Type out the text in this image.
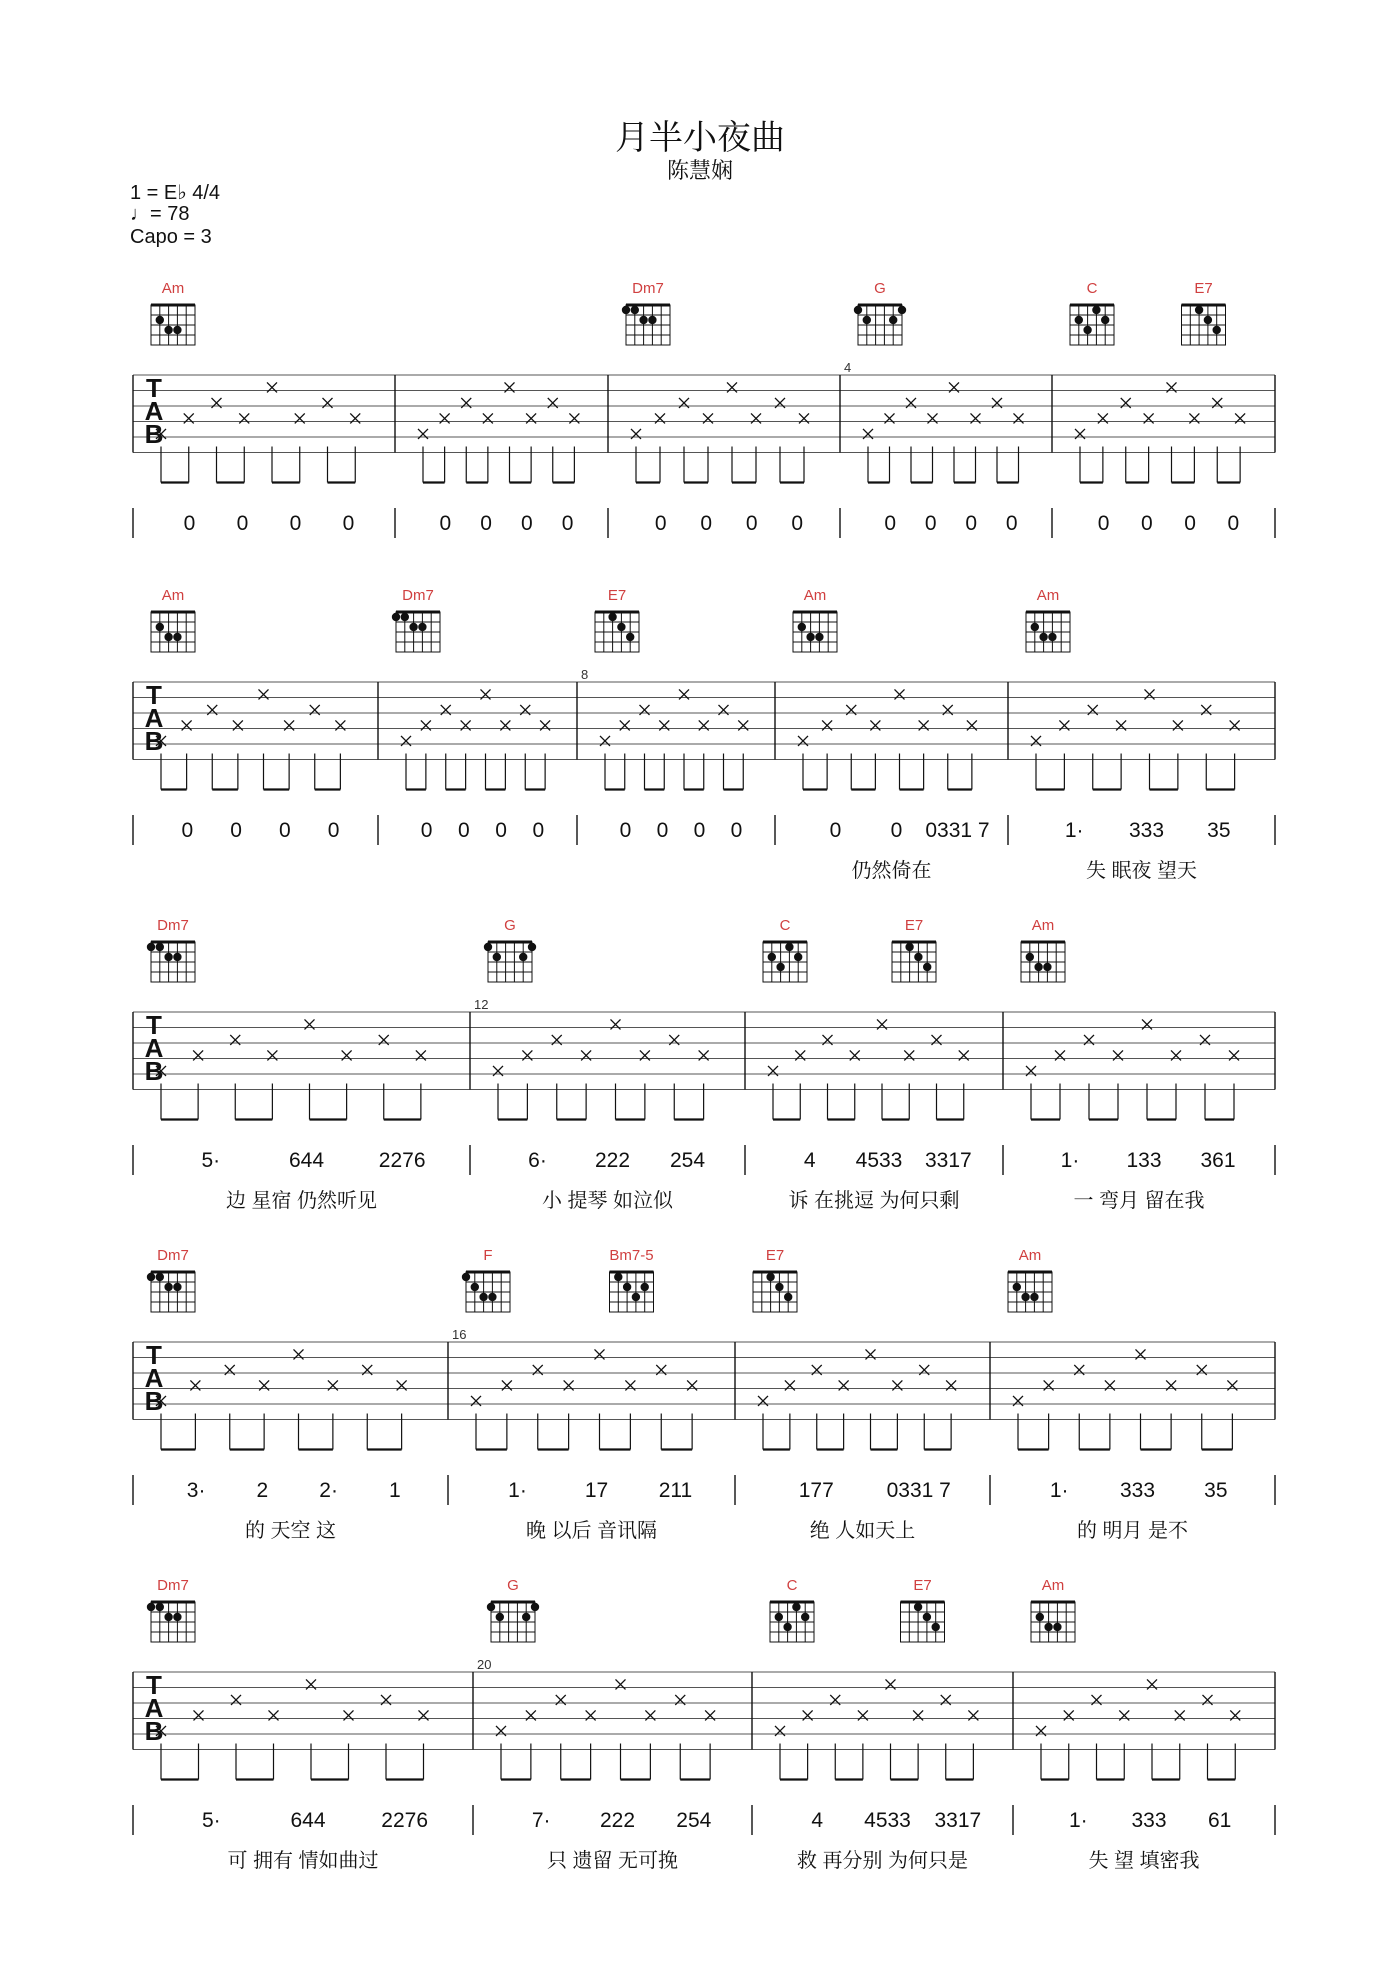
月半小夜曲
陈慧娴
1 = E♭ 4/4
♩= 78
Capo = 3
T
A
B
Am
0 0 0 0	0 0 0 0
Dm7
0 0 0 0
4
G
0 0 0 0
C	E7
0 0 0 0
T
A
B
Am
0 0 0 0
Dm7
0 0 0 0
8
E7
0 0 0 0
Am
0 0 0331 7
仍然倚在
Am
1· 333 35
失 眠夜 望天
T
A
B
Dm7
5·	644	2276
边 星宿 仍然听见
12
G
6· 222 254
小 提琴 如泣似
C	E7
4 4533 3317
诉 在挑逗 为何只剩
Am
1· 133 361
一 弯月 留在我
T
A
B
Dm7
3· 2 2· 1
的 天空 这
16
F	Bm7-5
1·	17 211
晚 以后 音讯隔
E7
177	0331 7
绝 人如天上
Am
1· 333 35
的 明月 是不
T
A
B
Dm7
5·	644	2276
可 拥有 情如曲过
20
G
7· 222 254
只 遗留 无可挽
C	E7
4 4533 3317
救 再分别 为何只是
Am
1· 333 61
失 望 填密我
